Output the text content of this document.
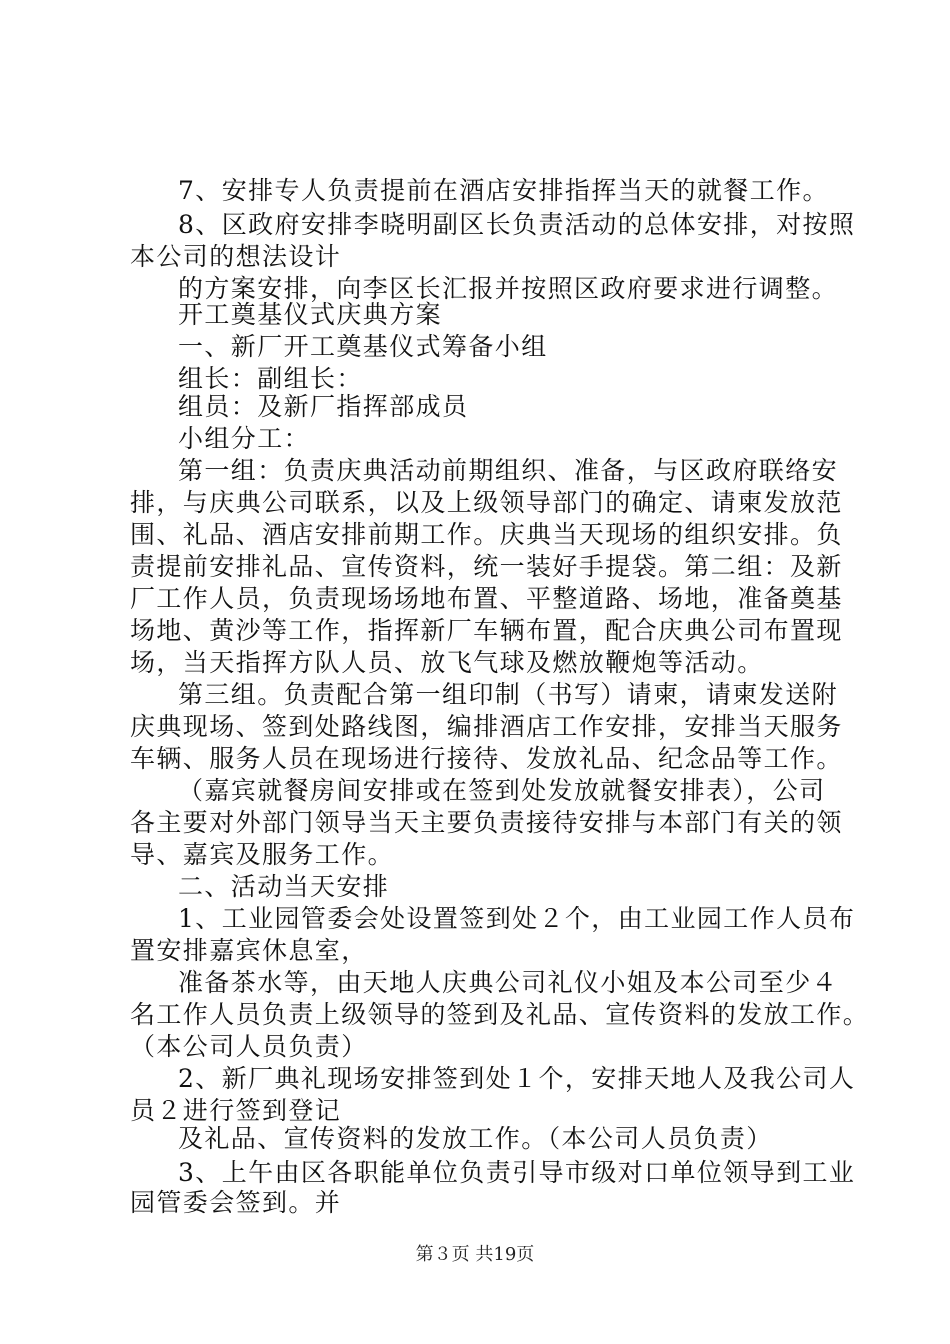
7、安排专人负责提前在酒店安排指挥当天的就餐工作。
8、区政府安排李晓明副区长负责活动的总体安排，对按照
本公司的想法设计
的方案安排，向李区长汇报并按照区政府要求进行调整。
开工奠基仪式庆典方案
一、新厂开工奠基仪式筹备小组
组长：副组长：
组员：及新厂指挥部成员
小组分工：
第一组：负责庆典活动前期组织、准备，与区政府联络安
排，与庆典公司联系，以及上级领导部门的确定、请柬发放范
围、礼品、酒店安排前期工作。庆典当天现场的组织安排。负
责提前安排礼品、宣传资料，统一装好手提袋。第二组：及新
厂工作人员，负责现场场地布置、平整道路、场地，准备奠基
场地、黄沙等工作，指挥新厂车辆布置，配合庆典公司布置现
场，当天指挥方队人员、放飞气球及燃放鞭炮等活动。
第三组。负责配合第一组印制（书写）请柬，请柬发送附
庆典现场、签到处路线图，编排酒店工作安排，安排当天服务
车辆、服务人员在现场进行接待、发放礼品、纪念品等工作。
（嘉宾就餐房间安排或在签到处发放就餐安排表），公司
各主要对外部门领导当天主要负责接待安排与本部门有关的领
导、嘉宾及服务工作。
二、活动当天安排
1、工业园管委会处设置签到处２个，由工业园工作人员布
置安排嘉宾休息室，
准备茶水等，由天地人庆典公司礼仪小姐及本公司至少４
名工作人员负责上级领导的签到及礼品、宣传资料的发放工作。
（本公司人员负责）
2、新厂典礼现场安排签到处１个，安排天地人及我公司人
员２进行签到登记
及礼品、宣传资料的发放工作。（本公司人员负责）
3、上午由区各职能单位负责引导市级对口单位领导到工业
园管委会签到。并
第３页 共19页
